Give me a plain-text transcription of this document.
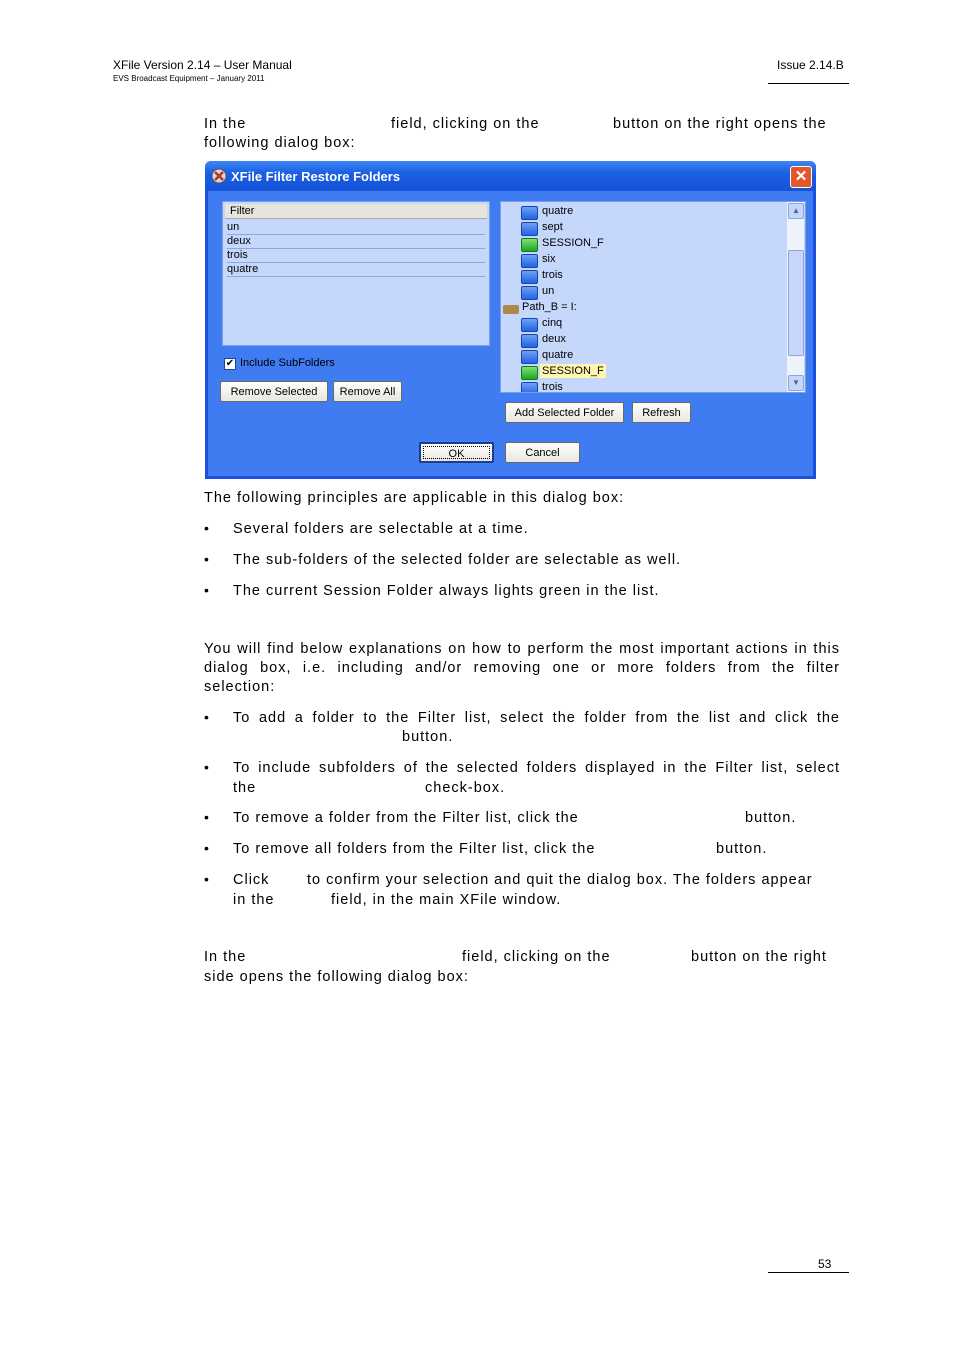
XFile Version 2.14 – User Manual
EVS Broadcast Equipment – January 2011
Issue 2.14.B
In the	field, clicking on the	button on the right opens the
following dialog box:
XFile Filter Restore Folders	✕
Filter
un
deux
trois
quatre
✔ Include SubFolders
Remove Selected	Remove All
quatre
sept
SESSION_F
six
trois
un
Path_B = I:
cinq
deux
quatre
SESSION_F
trois
▲
▼
Add Selected Folder	Refresh
OK	Cancel
The following principles are applicable in this dialog box:
• Several folders are selectable at a time.
• The sub-folders of the selected folder are selectable as well.
• The current Session Folder always lights green in the list.
You will find below explanations on how to perform the most important actions in this dialog box, i.e. including and/or removing one or more folders from the filter selection:
• To add a folder to the Filter list, select the folder from the list and click the
button.
• To include subfolders of the selected folders displayed in the Filter list, select
the	check-box.
• To remove a folder from the Filter list, click the	button.
• To remove all folders from the Filter list, click the	button.
• Click	to confirm your selection and quit the dialog box. The folders appear
in the	field, in the main XFile window.
In the	field, clicking on the	button on the right
side opens the following dialog box:
53
